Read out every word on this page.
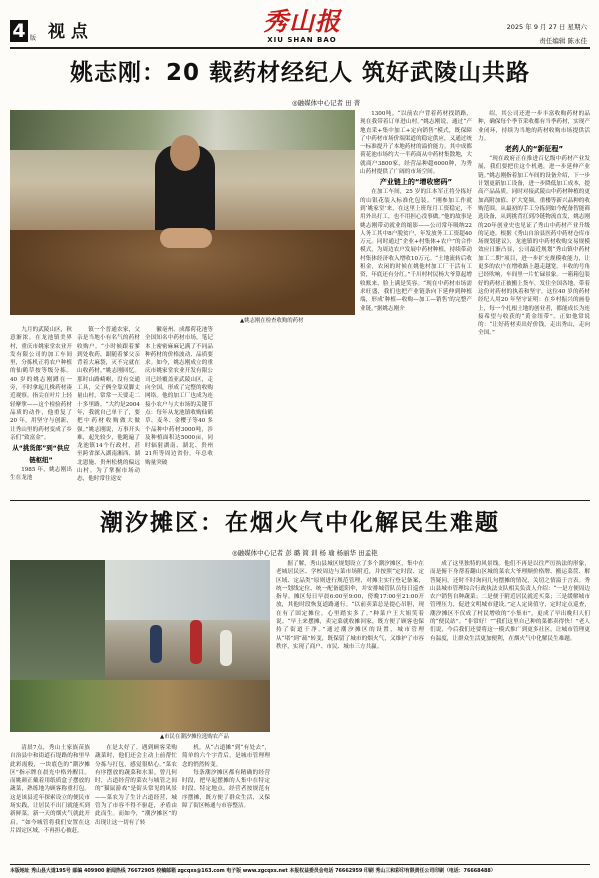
4 版 视 点	秀山报
XIU SHAN BAO
2025 年 9 月 27 日 星期六
责任编辑 陈永佳
姚志刚：20 载药材经纪人 筑好武陵山共路
◎融媒体中心记者 田 菁
▲姚志刚在检查收购的药材

九月的武陵山区，秋意渐浓。在龙池镇美界村，重庆市姚家堂农业开发有限公司的加工车间里，分拣机正将农户种植的仙鹤草按等级分拣。40 岁的姚志刚蹲在一旁，不时拿起几株药材凑近观察。指尖在叶片上轻轻摩挲——这个检验药材品质的动作，他重复了20 年，用坚守与创新，让秀山里的药材变成了乡亲们“致富金”。

从“挑货郎”到“供应链枢纽”

1985 年，姚志刚出生在龙池

镇一个普通农家，父亲是当地小有名气的药材收购户。“小时候跟着爹到处收药，跟随着爹父亲背着大麻袋，灭不完就在山收药材。”姚志刚回忆。那时山路崎岖，没有交通工具，父子俩全靠双脚丈量山村，常常一天要走二十多里路。“大约是2004年，我就自己单干了，要把中药材收购做大做强。”姚志刚说，万事开头难，起先较少，他跑遍了龙池镇14个行政村，甚至跨省深入湖南湘西、湖北恩施、贵州松桃的偏远山村。为了掌握市场动态，他时常往返安

徽亳州、成都荷花池等全国知名中药材市场，笔记本上密密麻麻记满了不同品种药材的价格波动、品质要求。如今，姚志刚成立的重庆市姚家堂农业开发有限公司已经覆盖亚武陵山区，走向全国，形成了完整的收购网络。他的加工厂也成为连接小农户与大市场的关键节点：每年从龙池镇收购仙鹤草、麦冬、金樱子等40 多个品种中药材3000吨，涉及种植面积达5000亩，同时辐射湖南、湖北、贵州21所等周边省份，年总收购量突破

1300吨。“以前农户背着药材找销路，现在我带着订单进山村。”姚志刚说，通过“产地直采+集中加工+定向销售”模式，既保障了中药材市场价端渠道的稳定供应，又通过统一标准提升了本地药材的溢价能力。其中成都荷花池市场约大一半药商从中药材集散地，大就商户3800家，经营品种超6000种，为秀山药材提供了广阔的市场空间。

产业链上的“增收密码”

在加工车间，25 岁的江本军正将分拣好的山银花装入标准化包装。“刚参加工作就到‘姚家堂’来，在这里上班每月工资稳定，不用外出打工，也不用担心没事做。”他的故事是姚志刚带动就业的缩影——公司常年吸纳22人务工其中8户脱贫户，年发放务工工资超40 万元。同时通过“企业+村集体+农户”的合作模式，为周边农户发展中药材种植，持续带动村集体经济收入增收10万元。“土地流转后收租金，农闲的时候在姚他村加工厂干活有工资，年底还有分红。”千川村村民杨大爷算起增收账来，脸上满是笑容。“现在中药材市场需求旺盛，我们也把产业链条向下延伸到种植端，形成‘种植—收购—加工—销售’的完整产业链。”据姚志刚介

绍，其公司还进一步丰富收购药材的品种，确保每个季节采收都有当季药材，实现产业闭环，持续为当地的药材收购市场提供活力。

老药人的“新征程”

“现在政府正在推进百亿级中药材产业发展，我们要把住这个机遇，进一步延伸产业链。”姚志刚指着加工车间的设备介绍，下一步计划更新加工设备，进一步降低加工成本，提高产品品质。同时对接武陵山中药材种植的更加高附加值、扩大宽频，重楼等新兴品种的收购范围。从最初的手工分拣到如今配备智能筛选设备，从到挑背扛到冷链物流直发，姚志刚的20年创业史也见证了秀山中药材产业升级的足迹。根据《秀山自治县医药中药材仓库市场规划建议》，龙池镇的中药材收购交易规模效应日渐凸显，公司最近规划“秀山镇中药材加工二期”项目，进一步扩充规模收能力，让更多的农户在增收路上越走越宽。丰收的号角已经吹响，车间里一片忙碌景象。一箱箱包装好的药材正被搬上货车，发往全国各地。带着这份对药材的执着和坚守，这位40 岁的药材经纪人用20 年坚守证明：在乡村振兴的画卷上，每一个扎根土地的创业者，都能成长为连接希望与收获的“黄金纽带”。正如他常说的：“让好药材卖出好价钱，走出秀山，走向全国。”

潮汐摊区：在烟火气中化解民生难题
◎融媒体中心记者 彭 璐 简 训 杨 瑜 杨丽华 田孟艳
▲市民在潮汐摊位选购农产品

清晨7点，秀山土家族苗族自治县中和街道石堤路的和里早此彩霞般，一块底色的“潮汐摊区”指示牌在晨光中格外醒目。而姚颜正戴着用纸质盒子摆放的蔬菜，熟练地为顾客称重打包。这是该县近年探索设立的便民市场实践，让居民不出门就能买到新鲜菜。新一天的烟火气就此开启。“如今城管将我们安置在这片固定区域，不再担心被赶，

在是太好了。遇到顾客采购蔬菜时，他们还会主动上前帮忙分拣与打包，感觉很贴心。”菜农有序摆放的蔬菜和水果。曾几何时，占道经营的菜农与城管之间的“猫鼠游戏”是街头常见的风景——菜农为了生计占道经营，城管为了市容不得不驱赶，矛盾由此而生。而如今，“潮汐摊区”的出现让这一切有了转

机。从“占道摊”到“有处去”，简单的六个字背后，是城市管理理念的悄然转变。

每条潮汐摊区都有精确的经营时段，把早起摆摊的人集中在特定时段、特定地点。经营者按规范有序摆摊，既方便了群众生活，又保障了街区畅通与市容整洁。

据了解，秀山县城区规划设立了多个潮汐摊区，集中在老城居民区、学校周边与菜市场附近，并按照“定时段、定区域、定品类”原则进行规范管理，对摊主实行登记备案，统一划线定位、统一配备遮阳伞，并安排城管队员每日巡查指导。摊区每日早晨6:00至9:00，傍晚17:00至21:00开放，其他时段恢复道路通行。“以前卖菜总是提心吊胆，现在有了固定摊位，心里踏实多了。”种菜户王大姐笑着说。“早上来摆摊，卖完菜就收摊回家，既方便了顾客也保持了街道干净。”通过潮汐摊区的设置，城市管理从“堵”到“疏”转变，既保留了城市的烟火气，又维护了市容秩序，实现了商户、市民、城市三方共赢。

成了这里独特的风景线。他们不再是以往严厉执法的形象，而是俯下身帮着翻山区城的菜农大爷理顺价格牌、搬运菜筐、解答疑问，还时不时询问几句摆摊的情况，关切之情溢于言表。秀山县城市管理综合行政执法支队相关负责人介绍：“一是方便周边农户销售自种蔬菜；二是便于附近居民就近买菜；三是缓解城市管理压力，促进文明城市建设。”定人定岗值守，定时定点巡查，潮汐摊区不仅成了村民增收的“小集市”，更成了早出晚归人们的“便民站”。“非常好！”“我们这里自己种的菜都卖得快！”老人们说，今后我们还要将这一模式推广到更多社区，让城市管理更有温度，让群众生活更加便利，在烟火气中化解民生难题。

本版地址 秀山县大道195号 邮编 409900 新闻热线 76672905 校稿邮箱 zgcqxs@163.com 电子版 www.zgcqxs.net 本报权益委员会电话 76662959 印刷 秀山三和彩印有限责任公司印刷（电话：76668488）
